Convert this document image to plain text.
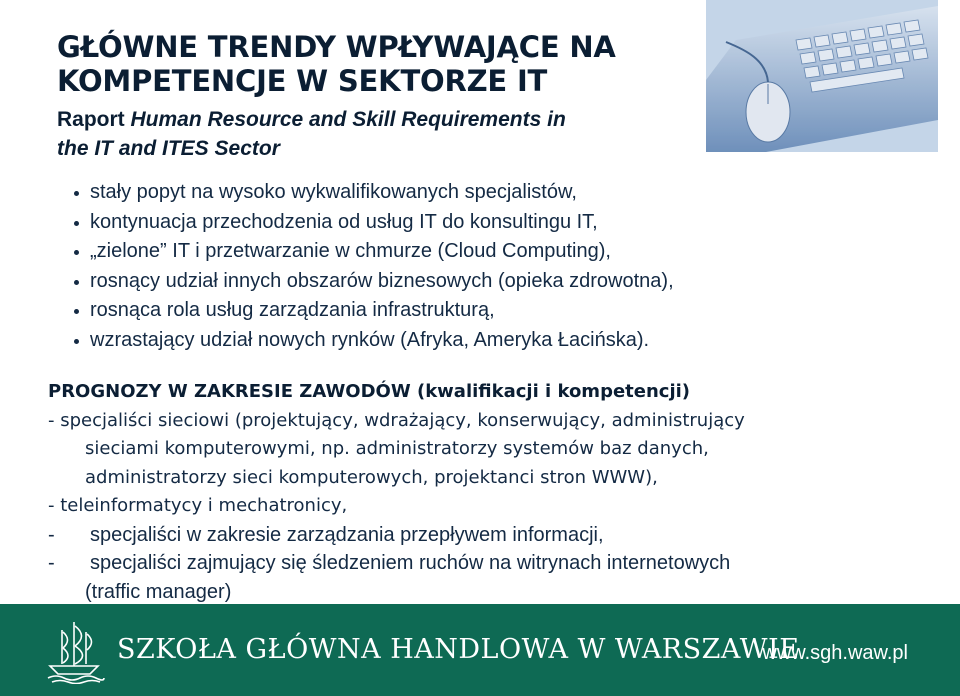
GŁÓWNE TRENDY WPŁYWAJĄCE NA
KOMPETENCJE W SEKTORZE IT
Raport Human Resource and Skill Requirements in
the IT and ITES Sector
stały popyt na wysoko wykwalifikowanych specjalistów,
kontynuacja przechodzenia od usług IT do konsultingu IT,
„zielone” IT i przetwarzanie w chmurze (Cloud Computing),
rosnący udział innych obszarów biznesowych (opieka zdrowotna),
rosnąca rola usług zarządzania infrastrukturą,
wzrastający udział nowych rynków (Afryka, Ameryka Łacińska).
PROGNOZY W ZAKRESIE ZAWODÓW (kwalifikacji i kompetencji)
- specjaliści sieciowi (projektujący, wdrażający, konserwujący, administrujący
sieciami komputerowymi, np. administratorzy systemów baz danych,
administratorzy sieci komputerowych, projektanci stron WWW),
- teleinformatycy i mechatronicy,
- specjaliści w zakresie zarządzania przepływem informacji,
- specjaliści zajmujący się śledzeniem ruchów na witrynach internetowych
(traffic manager)
SZKOŁA GŁÓWNA HANDLOWA W WARSZAWIE
www.sgh.waw.pl
